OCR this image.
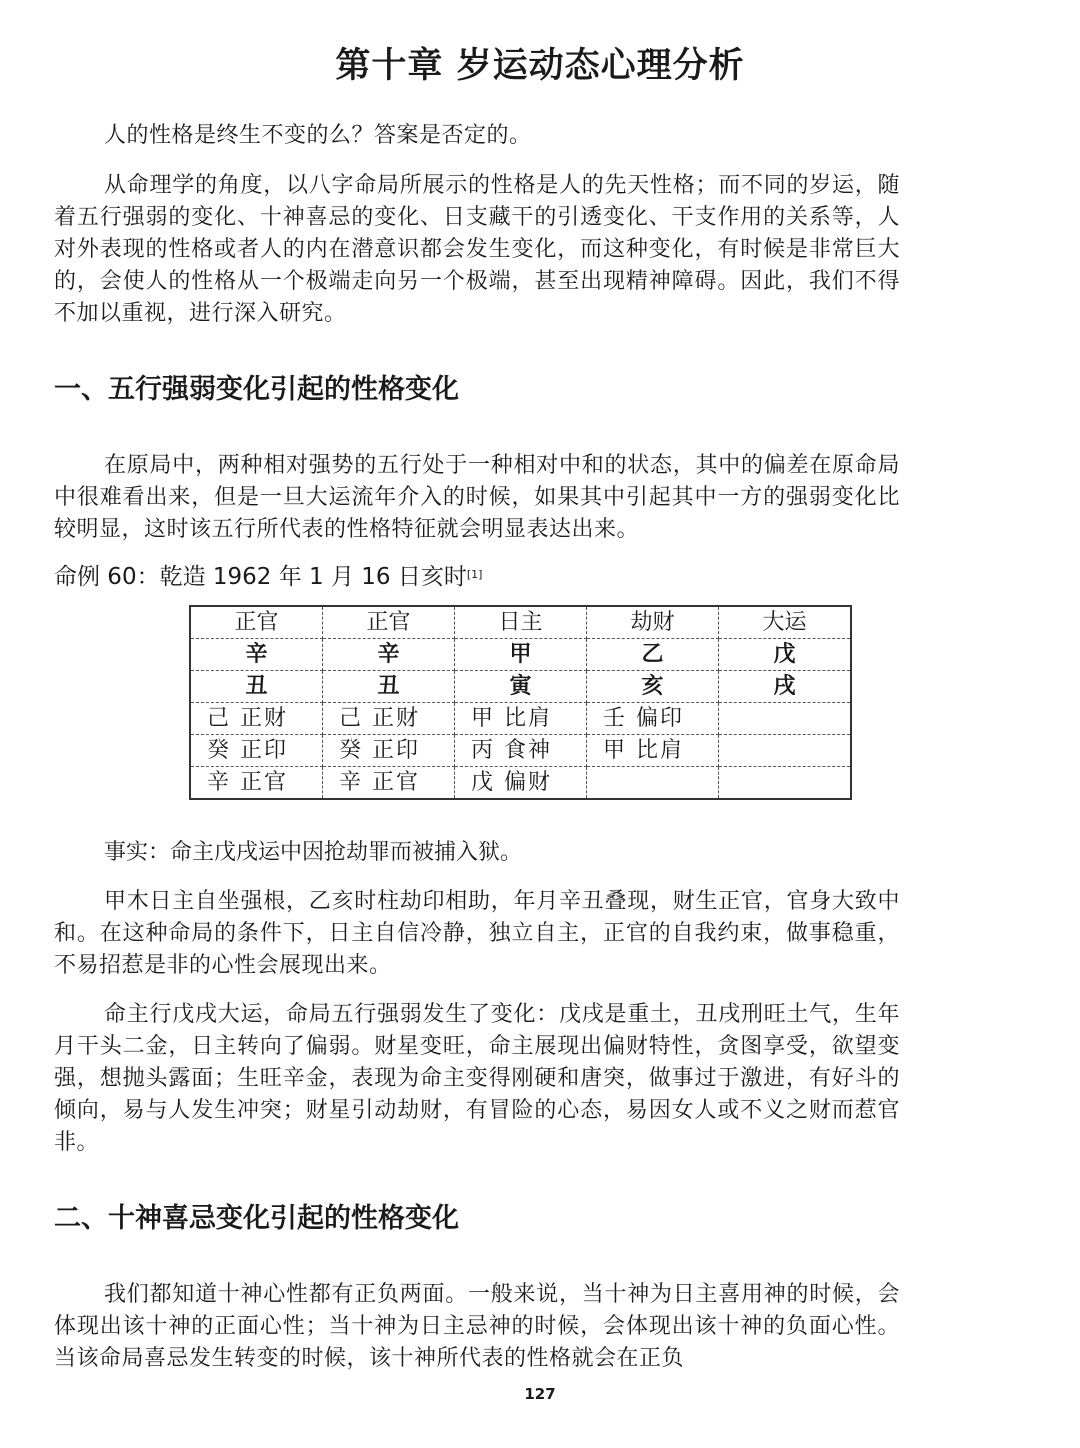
第十章 岁运动态心理分析

人的性格是终生不变的么？答案是否定的。

从命理学的角度，以八字命局所展示的性格是人的先天性格；而不同的岁运，随着五行强弱的变化、十神喜忌的变化、日支藏干的引透变化、干支作用的关系等，人对外表现的性格或者人的内在潜意识都会发生变化，而这种变化，有时候是非常巨大的，会使人的性格从一个极端走向另一个极端，甚至出现精神障碍。因此，我们不得不加以重视，进行深入研究。

一、五行强弱变化引起的性格变化

在原局中，两种相对强势的五行处于一种相对中和的状态，其中的偏差在原命局中很难看出来，但是一旦大运流年介入的时候，如果其中引起其中一方的强弱变化比较明显，这时该五行所代表的性格特征就会明显表达出来。

命例 60：乾造 1962 年 1 月 16 日亥时[1]

正官	正官	日主	劫财	大运
辛	辛	甲	乙	戊
丑	丑	寅	亥	戌
己 正财	己 正财	甲 比肩	壬 偏印	
癸 正印	癸 正印	丙 食神	甲 比肩	
辛 正官	辛 正官	戊 偏财		

事实：命主戊戌运中因抢劫罪而被捕入狱。

甲木日主自坐强根，乙亥时柱劫印相助，年月辛丑叠现，财生正官，官身大致中和。在这种命局的条件下，日主自信冷静，独立自主，正官的自我约束，做事稳重，不易招惹是非的心性会展现出来。

命主行戊戌大运，命局五行强弱发生了变化：戊戌是重土，丑戌刑旺土气，生年月干头二金，日主转向了偏弱。财星变旺，命主展现出偏财特性，贪图享受，欲望变强，想抛头露面；生旺辛金，表现为命主变得刚硬和唐突，做事过于激进，有好斗的倾向，易与人发生冲突；财星引动劫财，有冒险的心态，易因女人或不义之财而惹官非。

二、十神喜忌变化引起的性格变化

我们都知道十神心性都有正负两面。一般来说，当十神为日主喜用神的时候，会体现出该十神的正面心性；当十神为日主忌神的时候，会体现出该十神的负面心性。当该命局喜忌发生转变的时候，该十神所代表的性格就会在正负

127
